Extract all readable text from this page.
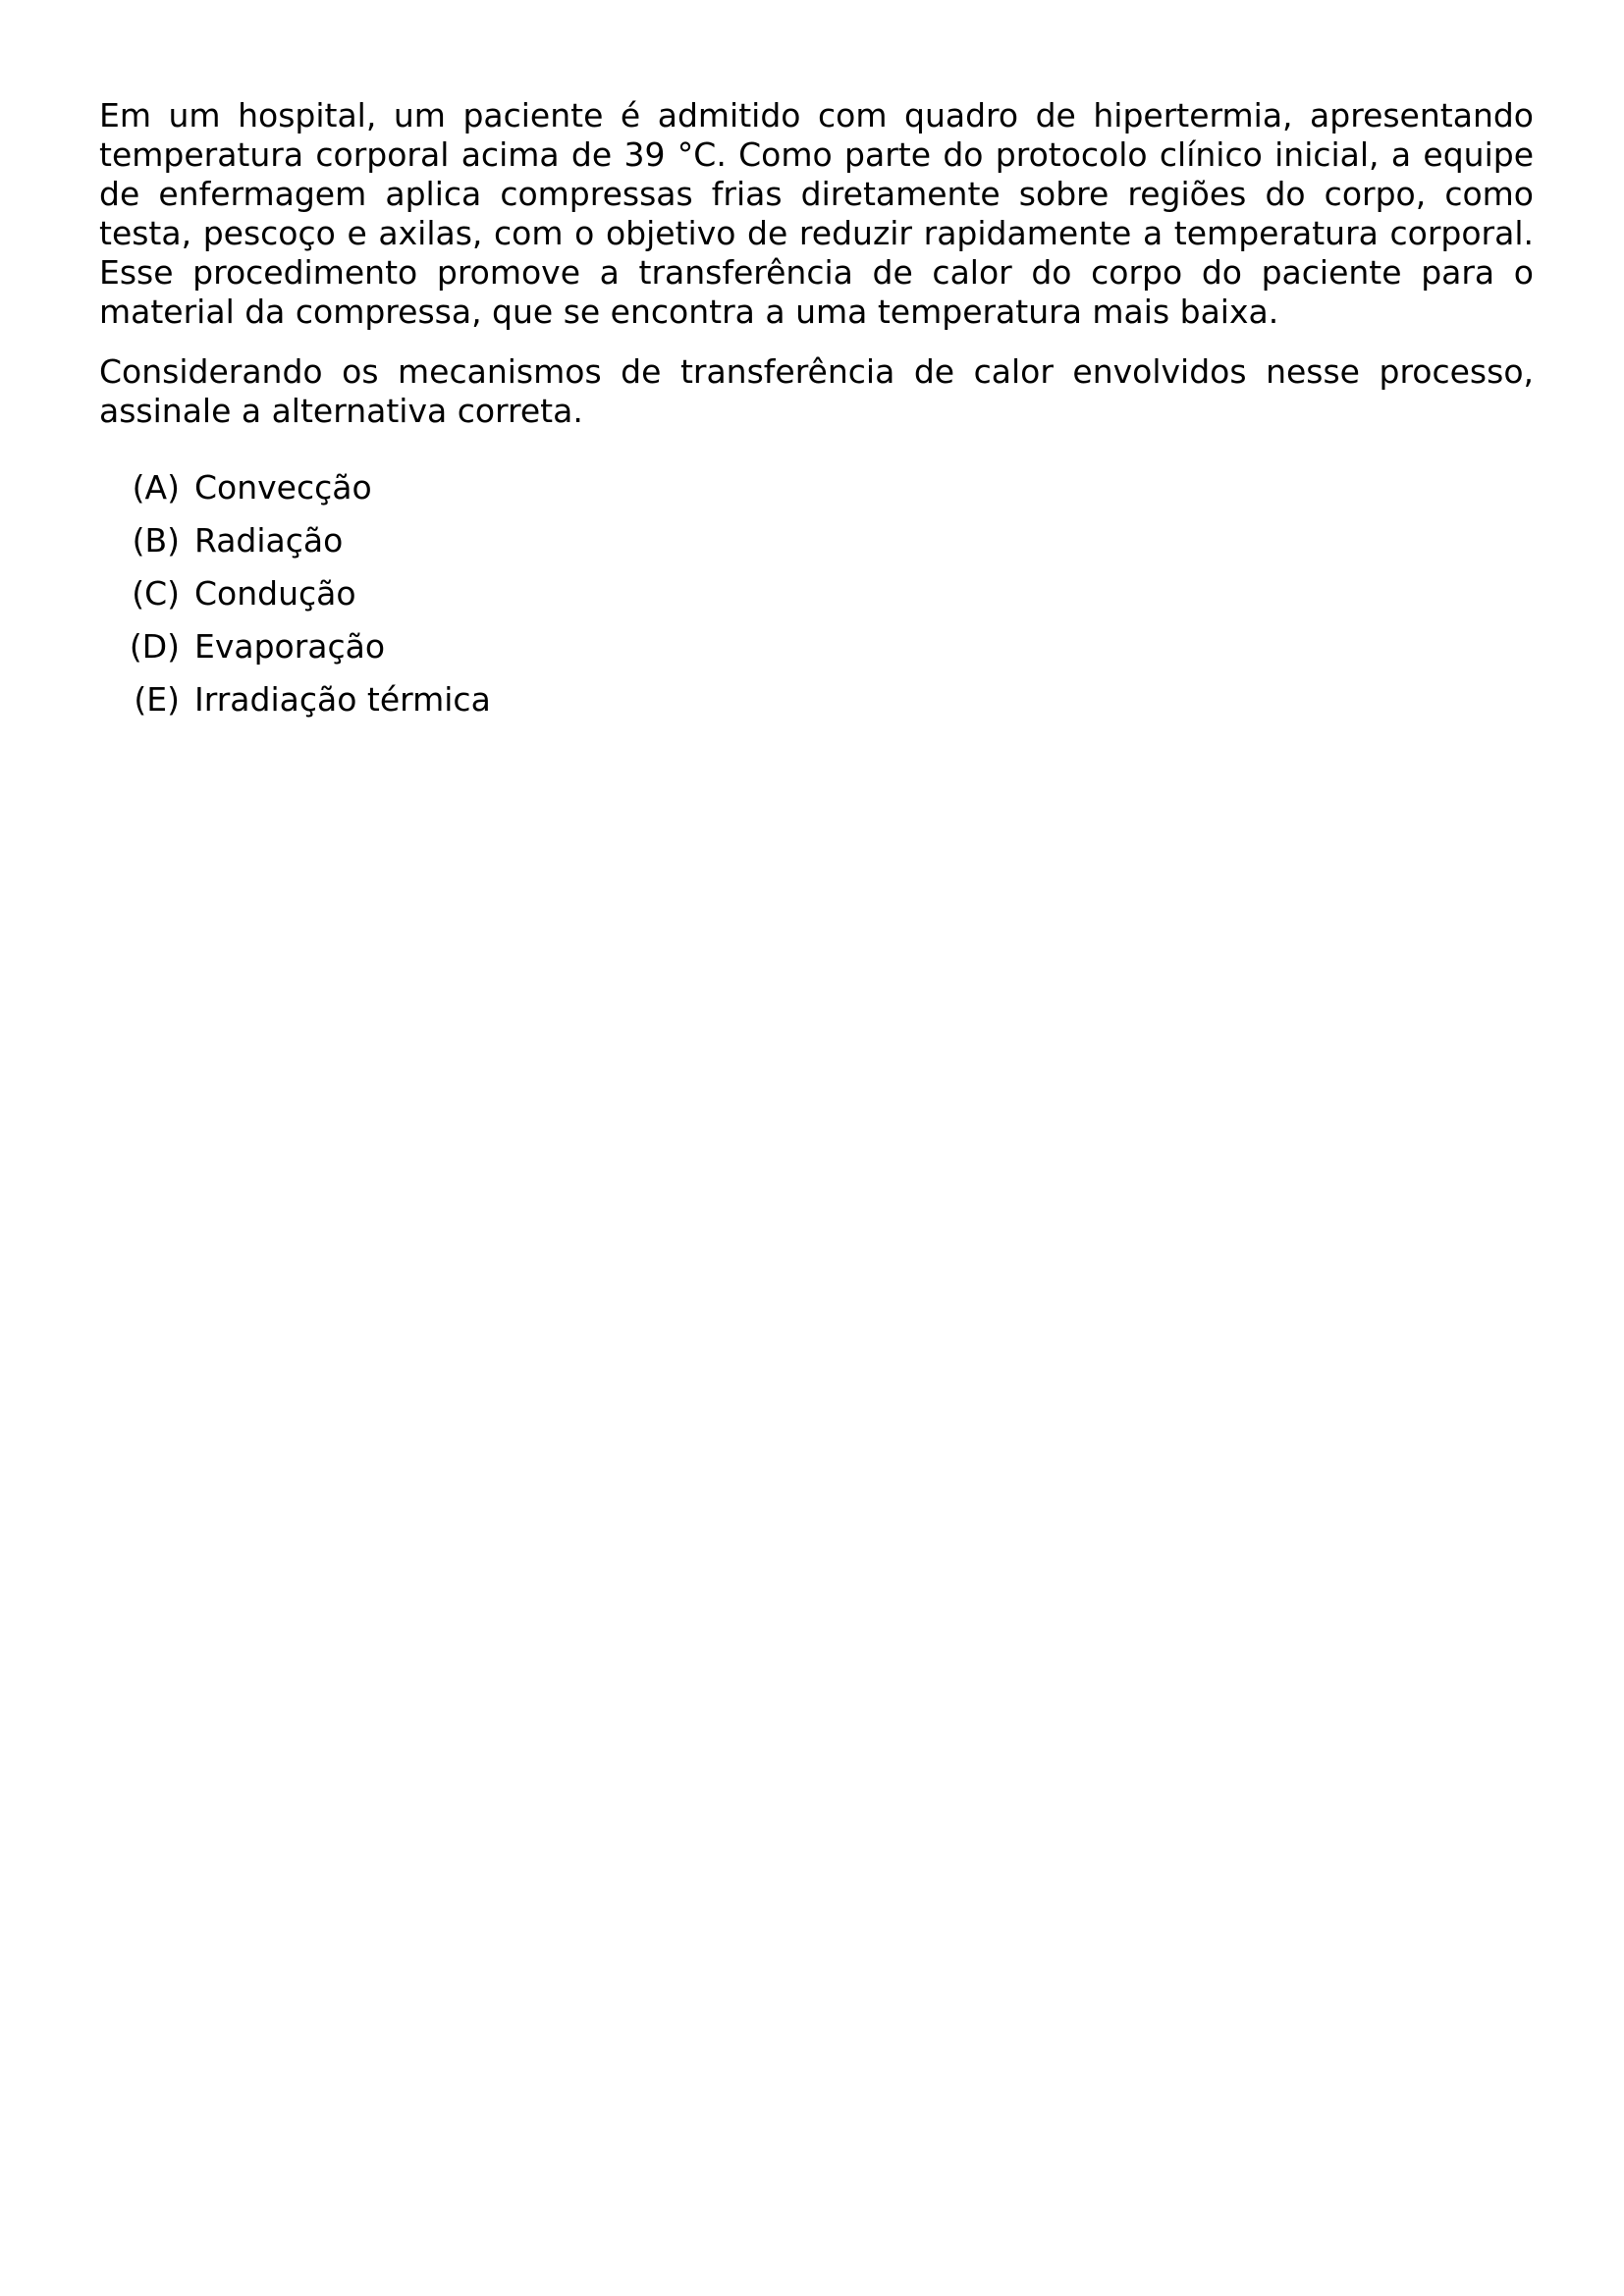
Em um hospital, um paciente é admitido com quadro de hipertermia, apresentando temperatura corporal acima de 39 °C. Como parte do protocolo clínico inicial, a equipe de enfermagem aplica compressas frias diretamente sobre regiões do corpo, como testa, pescoço e axilas, com o objetivo de reduzir rapidamente a temperatura corporal. Esse procedimento promove a transferência de calor do corpo do paciente para o material da compressa, que se encontra a uma temperatura mais baixa.

Considerando os mecanismos de transferência de calor envolvidos nesse processo, assinale a alternativa correta.

(A) Convecção
(B) Radiação
(C) Condução
(D) Evaporação
(E) Irradiação térmica
